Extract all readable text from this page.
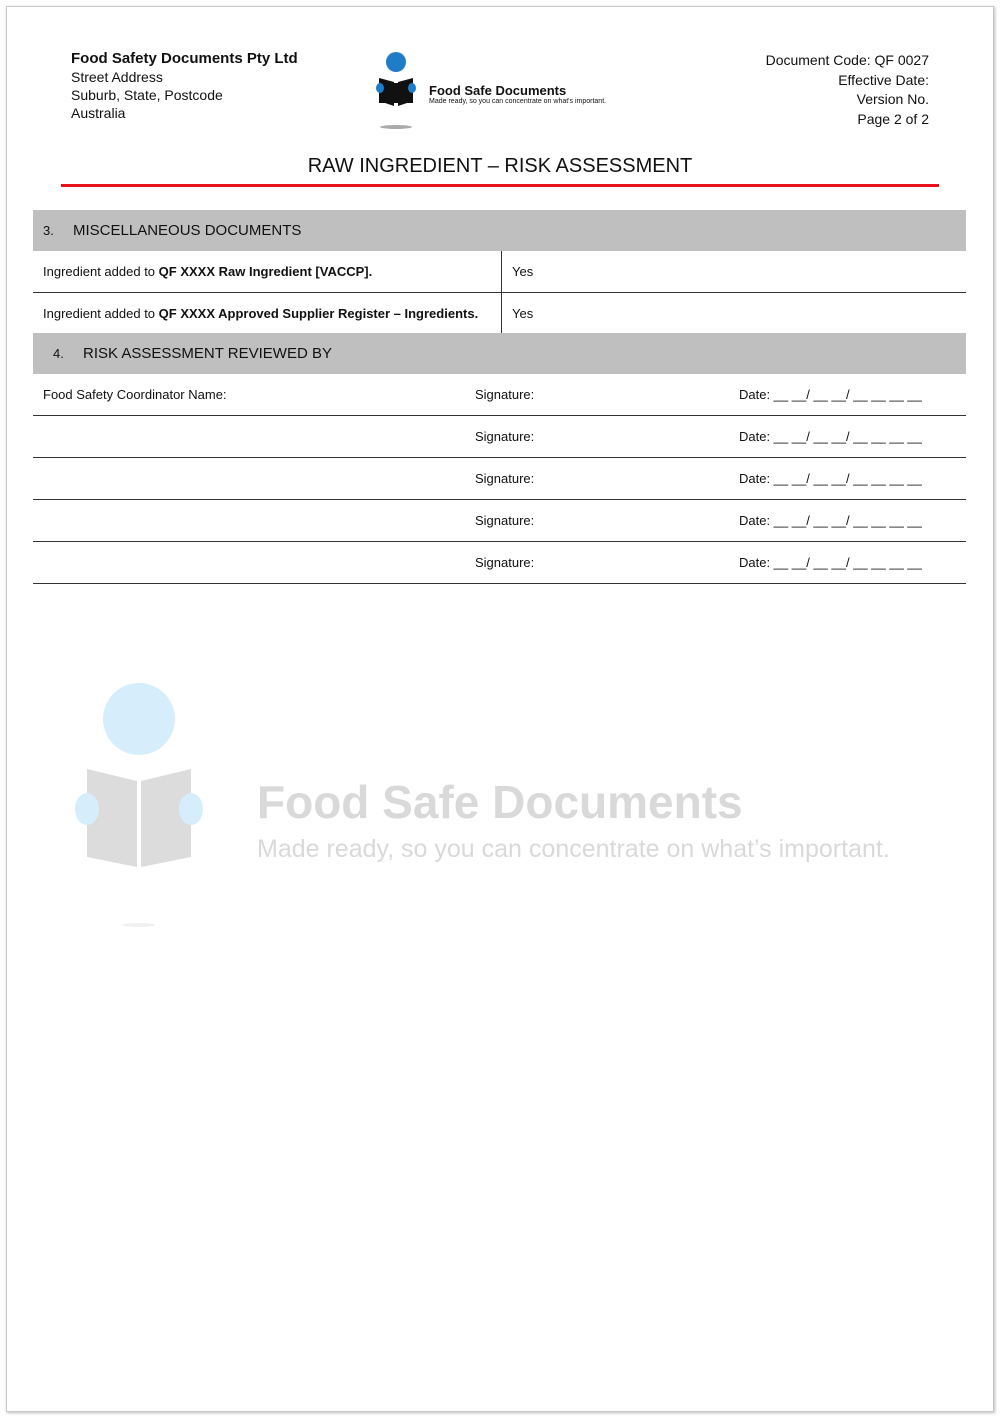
Food Safety Documents Pty Ltd
Street Address
Suburb, State, Postcode
Australia
Food Safe Documents
Made ready, so you can concentrate on what's important.
Document Code: QF 0027
Effective Date:
Version No.
Page 2 of 2
RAW INGREDIENT – RISK ASSESSMENT
3. MISCELLANEOUS DOCUMENTS	
Ingredient added to QF XXXX Raw Ingredient [VACCP].	Yes
Ingredient added to QF XXXX Approved Supplier Register – Ingredients.	Yes
4. RISK ASSESSMENT REVIEWED BY		
Food Safety Coordinator Name:	Signature:	Date: __ __/ __ __/ __ __ __ __
	Signature:	Date: __ __/ __ __/ __ __ __ __
	Signature:	Date: __ __/ __ __/ __ __ __ __
	Signature:	Date: __ __/ __ __/ __ __ __ __
	Signature:	Date: __ __/ __ __/ __ __ __ __
Food Safe Documents
Made ready, so you can concentrate on what’s important.
